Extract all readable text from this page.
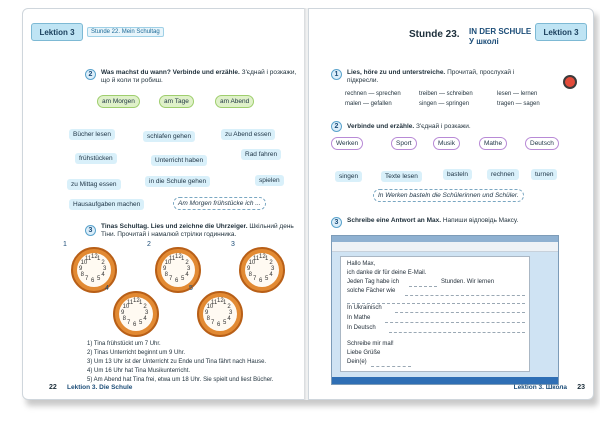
Lektion 3	Stunde 22. Mein Schultag
2	Was machst du wann? Verbinde und erzähle. З'єднай і розкажи, що й коли ти робиш.
am Morgen	am Tage	am Abend
Bücher lesen	schlafen gehen	zu Abend essen
frühstücken	Unterricht haben
Rad fahren
zu Mittag essen	in die Schule gehen	spielen
Hausaufgaben machen	Am Morgen frühstücke ich ...
3
Tinas Schultag. Lies und zeichne die Uhrzeiger. Шкільний день Тіни. Прочитай і намалюй стрілки годинника.
1
12 1
2
3
4
5
6
7
8
9
10
11
2
12 1
2
3
4
5
6
7
8
9
10
11
3
12 1
2
3
4
5
6
7
8
9
10
11
4
12 1
2
3
4
5
6
7
8
9
10
11
5
12 1
2
3
4
5
6
7
8
9
10
11
1) Tina frühstückt um 7 Uhr.
2) Tinas Unterricht beginnt um 9 Uhr.
3) Um 13 Uhr ist der Unterricht zu Ende und Tina fährt nach Hause.
4) Um 16 Uhr hat Tina Musikunterricht.
5) Am Abend hat Tina frei, etwa um 18 Uhr. Sie spielt und liest Bücher.
22 Lektion 3. Die Schule
Stunde 23. IN DER SCHULE
У школі
Lektion 3
1	Lies, höre zu und unterstreiche. Прочитай, прослухай і підкресли.
rechnen — sprechen	treiben — schreiben	lesen — lernen
malen — gefallen	singen — springen	tragen — sagen
2	Verbinde und erzähle. З'єднай і розкажи.
Werken	Sport	Musik	Mathe	Deutsch
singen	Texte lesen	basteln	rechnen	turnen
In Werken basteln die Schülerinnen und Schüler.
3	Schreibe eine Antwort an Max. Напиши відповідь Максу.
Hallo Max,
ich danke dir für deine E-Mail.
Jeden Tag habe ich	Stunden. Wir lernen
solche Fächer wie
In Ukrainisch
In Mathe
In Deutsch
Schreibe mir mal!
Liebe Grüße
Dein(e)
Lektion 3. Школа 23
